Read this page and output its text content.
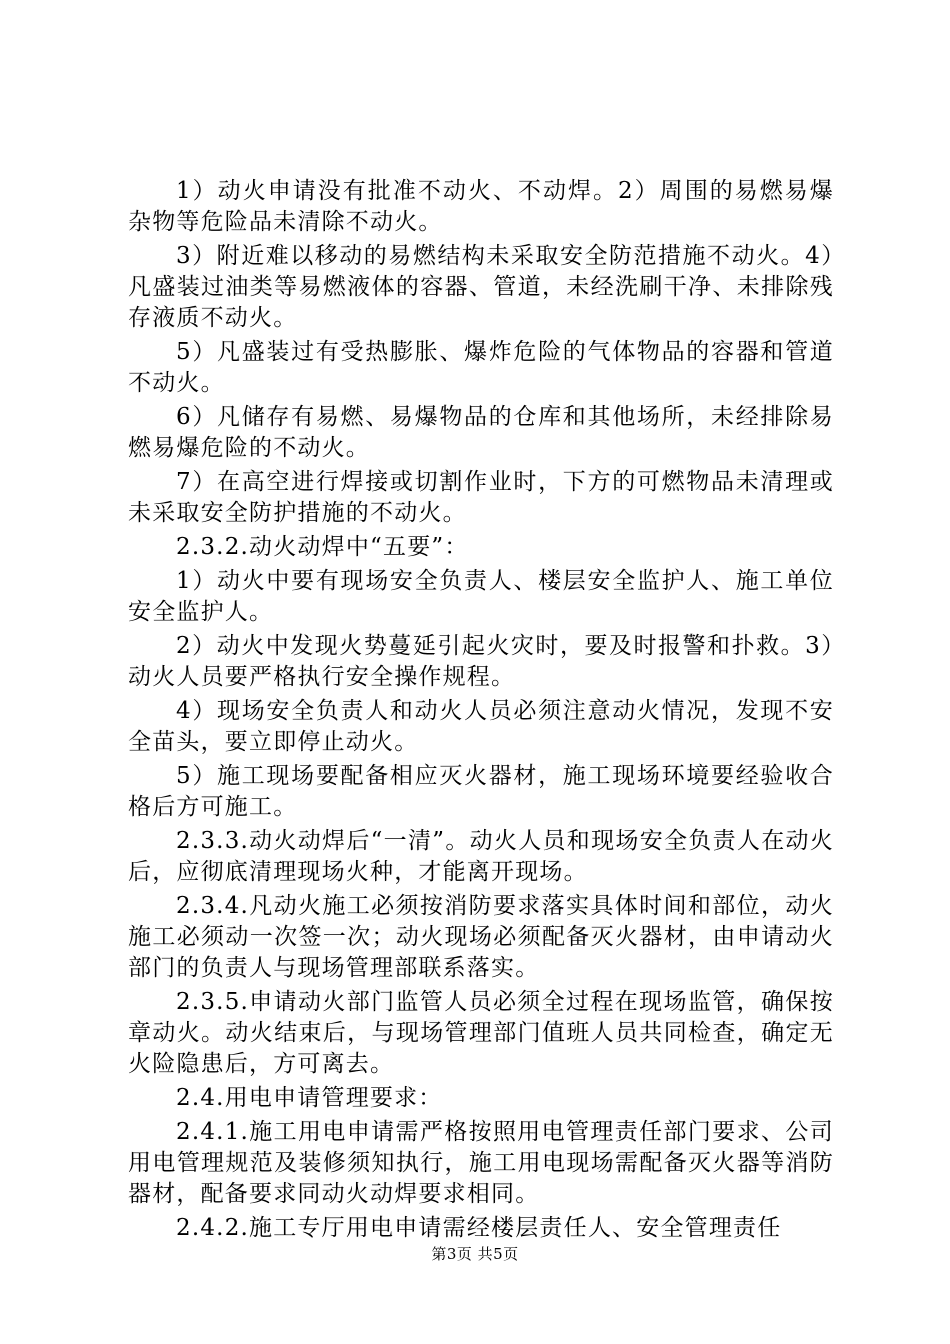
1）动火申请没有批准不动火、不动焊。2）周围的易燃易爆杂物等危险品未清除不动火。

3）附近难以移动的易燃结构未采取安全防范措施不动火。4）凡盛装过油类等易燃液体的容器、管道，未经洗刷干净、未排除残存液质不动火。

5）凡盛装过有受热膨胀、爆炸危险的气体物品的容器和管道不动火。

6）凡储存有易燃、易爆物品的仓库和其他场所，未经排除易燃易爆危险的不动火。

7）在高空进行焊接或切割作业时，下方的可燃物品未清理或未采取安全防护措施的不动火。

2.3.2.动火动焊中“五要”：

1）动火中要有现场安全负责人、楼层安全监护人、施工单位安全监护人。

2）动火中发现火势蔓延引起火灾时，要及时报警和扑救。3）动火人员要严格执行安全操作规程。

4）现场安全负责人和动火人员必须注意动火情况，发现不安全苗头，要立即停止动火。

5）施工现场要配备相应灭火器材，施工现场环境要经验收合格后方可施工。

2.3.3.动火动焊后“一清”。动火人员和现场安全负责人在动火后，应彻底清理现场火种，才能离开现场。

2.3.4.凡动火施工必须按消防要求落实具体时间和部位，动火施工必须动一次签一次；动火现场必须配备灭火器材，由申请动火部门的负责人与现场管理部联系落实。

2.3.5.申请动火部门监管人员必须全过程在现场监管，确保按章动火。动火结束后，与现场管理部门值班人员共同检查，确定无火险隐患后，方可离去。

2.4.用电申请管理要求：

2.4.1.施工用电申请需严格按照用电管理责任部门要求、公司用电管理规范及装修须知执行，施工用电现场需配备灭火器等消防器材，配备要求同动火动焊要求相同。

2.4.2.施工专厅用电申请需经楼层责任人、安全管理责任

第3页 共5页
